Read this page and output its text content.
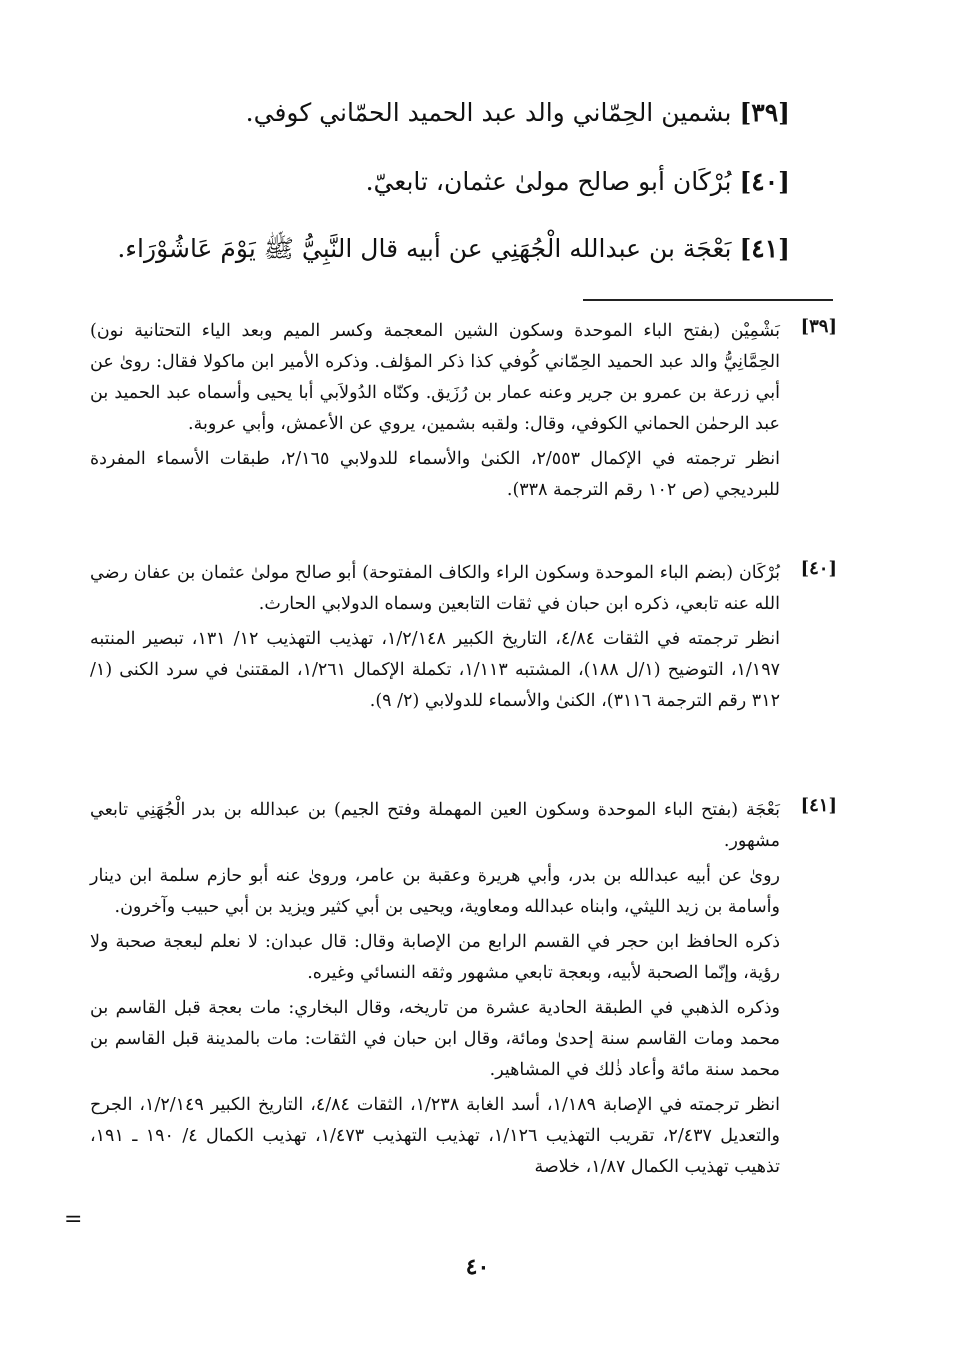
[٣٩] بشمين الحِمّاني والد عبد الحميد الحمّاني كوفي.
[٤٠] بُرْكَان أبو صالح مولىٰ عثمان، تابعيّ.
[٤١] بَعْجَة بن عبدالله الْجُهَنِي عن أبيه قال النَّبِيُّ ﷺ يَوْمَ عَاشُوْرَاء.
[٣٩]
بَشْمِيْن (بفتح الباء الموحدة وسكون الشين المعجمة وكسر الميم وبعد الياء التحتانية نون) الحِمَّانِيُّ والد عبد الحميد الحِمّاني كُوفي كذا ذكر المؤلف. وذكره الأمير ابن ماكولا فقال: روىٰ عن أبي زرعة بن عمرو بن جرير وعنه عمار بن رُزَيق. وكنّاه الدُولاَبي أبا يحيى وأسماه عبد الحميد بن عبد الرحمٰن الحماني الكوفي، وقال: ولقبه بشمين، يروي عن الأعمش، وأبي عروبة.
انظر ترجمته في الإكمال ٢/٥٥٣، الكنىٰ والأسماء للدولابي ٢/١٦٥، طبقات الأسماء المفردة للبرديجي (ص ١٠٢ رقم الترجمة ٣٣٨).
[٤٠]
بُرْكَان (بضم الباء الموحدة وسكون الراء والكاف المفتوحة) أبو صالح مولىٰ عثمان بن عفان رضي الله عنه تابعي، ذكره ابن حبان في ثقات التابعين وسماه الدولابي الحارث.
انظر ترجمته في الثقات ٤/٨٤، التاريخ الكبير ١/٢/١٤٨، تهذيب التهذيب ١٢/ ١٣١، تبصير المنتبه ١/١٩٧، التوضيح (١/ل ١٨٨)، المشتبه ١/١١٣، تكملة الإكمال ١/٢٦١، المقتنىٰ في سرد الكنى (١/ ٣١٢ رقم الترجمة ٣١١٦)، الكنىٰ والأسماء للدولابي (٢/ ٩).
[٤١]
بَعْجَة (بفتح الباء الموحدة وسكون العين المهملة وفتح الجيم) بن عبدالله بن بدر الْجُهَنِي تابعي مشهور.
روىٰ عن أبيه عبدالله بن بدر، وأبي هريرة وعقبة بن عامر، وروىٰ عنه أبو حازم سلمة ابن دينار وأسامة بن زيد الليثي، وابناه عبدالله ومعاوية، ويحيى بن أبي كثير ويزيد بن أبي حبيب وآخرون.
ذكره الحافظ ابن حجر في القسم الرابع من الإصابة وقال: قال عبدان: لا نعلم لبعجة صحبة ولا رؤية، وإنّما الصحبة لأبيه، وبعجة تابعي مشهور وثقه النسائي وغيره.
وذكره الذهبي في الطبقة الحادية عشرة من تاريخه، وقال البخاري: مات بعجة قبل القاسم بن محمد ومات القاسم سنة إحدىٰ ومائة، وقال ابن حبان في الثقات: مات بالمدينة قبل القاسم بن محمد سنة مائة وأعاد ذٰلك في المشاهير.
انظر ترجمته في الإصابة ١/١٨٩، أسد الغابة ١/٢٣٨، الثقات ٤/٨٤، التاريخ الكبير ١/٢/١٤٩، الجرح والتعديل ٢/٤٣٧، تقريب التهذيب ١/١٢٦، تهذيب التهذيب ١/٤٧٣، تهذيب الكمال ٤/ ١٩٠ ـ ١٩١، تذهيب تهذيب الكمال ١/٨٧، خلاصة
=
٤٠
